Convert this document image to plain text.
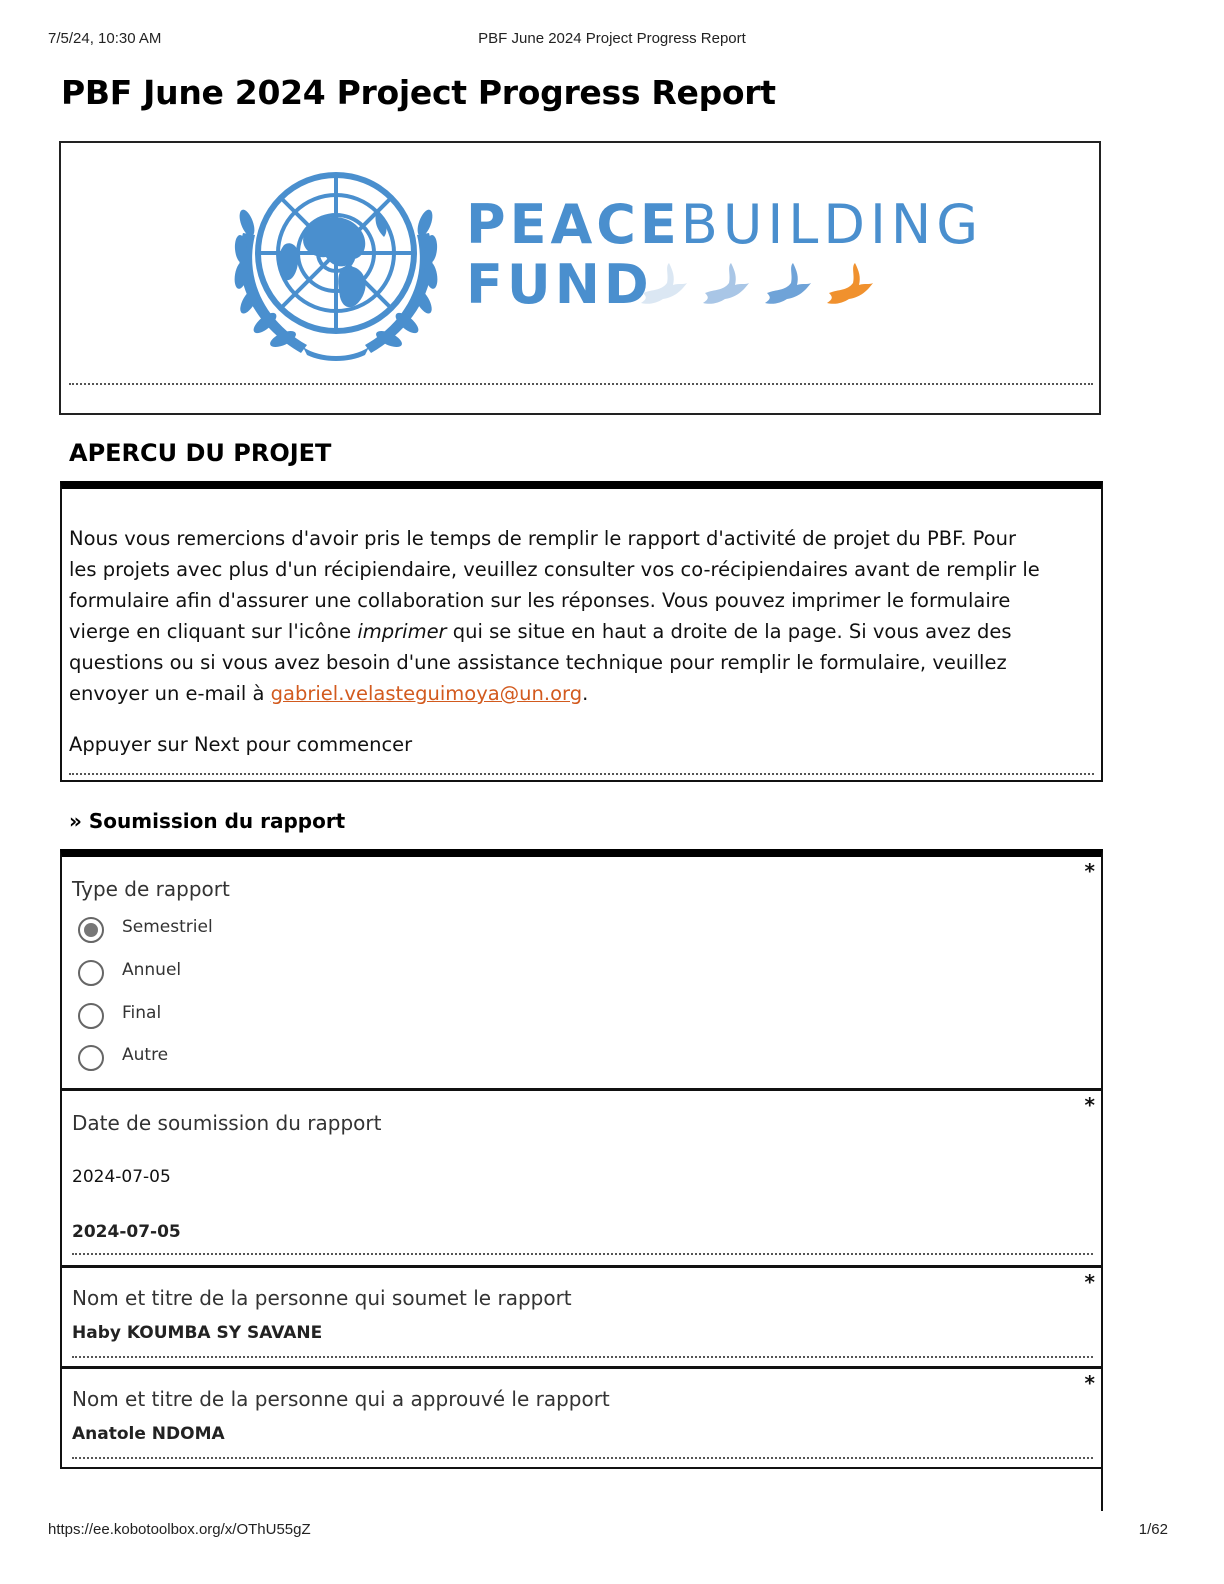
7/5/24, 10:30 AM	PBF June 2024 Project Progress Report
PBF June 2024 Project Progress Report
PEACEBUILDING
FUND
APERCU DU PROJET

Nous vous remercions d'avoir pris le temps de remplir le rapport d'activité de projet du PBF. Pour les projets avec plus d'un récipiendaire, veuillez consulter vos co-récipiendaires avant de remplir le formulaire afin d'assurer une collaboration sur les réponses. Vous pouvez imprimer le formulaire vierge en cliquant sur l'icône imprimer qui se situe en haut a droite de la page. Si vous avez des questions ou si vous avez besoin d'une assistance technique pour remplir le formulaire, veuillez envoyer un e-mail à gabriel.velasteguimoya@un.org.

Appuyer sur Next pour commencer

» Soumission du rapport
*
Type de rapport
Semestriel
Annuel
Final
Autre
*
Date de soumission du rapport
2024-07-05
2024-07-05
*
Nom et titre de la personne qui soumet le rapport
Haby KOUMBA SY SAVANE
*
Nom et titre de la personne qui a approuvé le rapport
Anatole NDOMA
https://ee.kobotoolbox.org/x/OThU55gZ	1/62
